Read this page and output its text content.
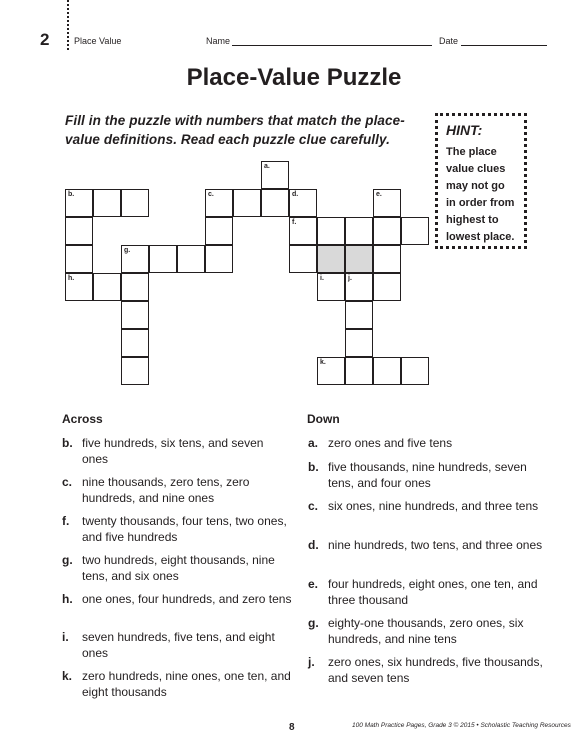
2	Place Value	Name	Date
Place-Value Puzzle
Fill in the puzzle with numbers that match the place-value definitions. Read each puzzle clue carefully.
HINT:
The place value clues may not go in order from highest to lowest place.
a.
b.	c.	d.	e.
f.
g.
h.	i.	j.
k.
Across
b. five hundreds, six tens, and seven ones
c. nine thousands, zero tens, zero hundreds, and nine ones
f. twenty thousands, four tens, two ones, and five hundreds
g. two hundreds, eight thousands, nine tens, and six ones
h. one ones, four hundreds, and zero tens
i. seven hundreds, five tens, and eight ones
k. zero hundreds, nine ones, one ten, and eight thousands
Down
a. zero ones and five tens
b. five thousands, nine hundreds, seven tens, and four ones
c. six ones, nine hundreds, and three tens
d. nine hundreds, two tens, and three ones
e. four hundreds, eight ones, one ten, and three thousand
g. eighty-one thousands, zero ones, six hundreds, and nine tens
j. zero ones, six hundreds, five thousands, and seven tens
8	100 Math Practice Pages, Grade 3 © 2015 • Scholastic Teaching Resources
